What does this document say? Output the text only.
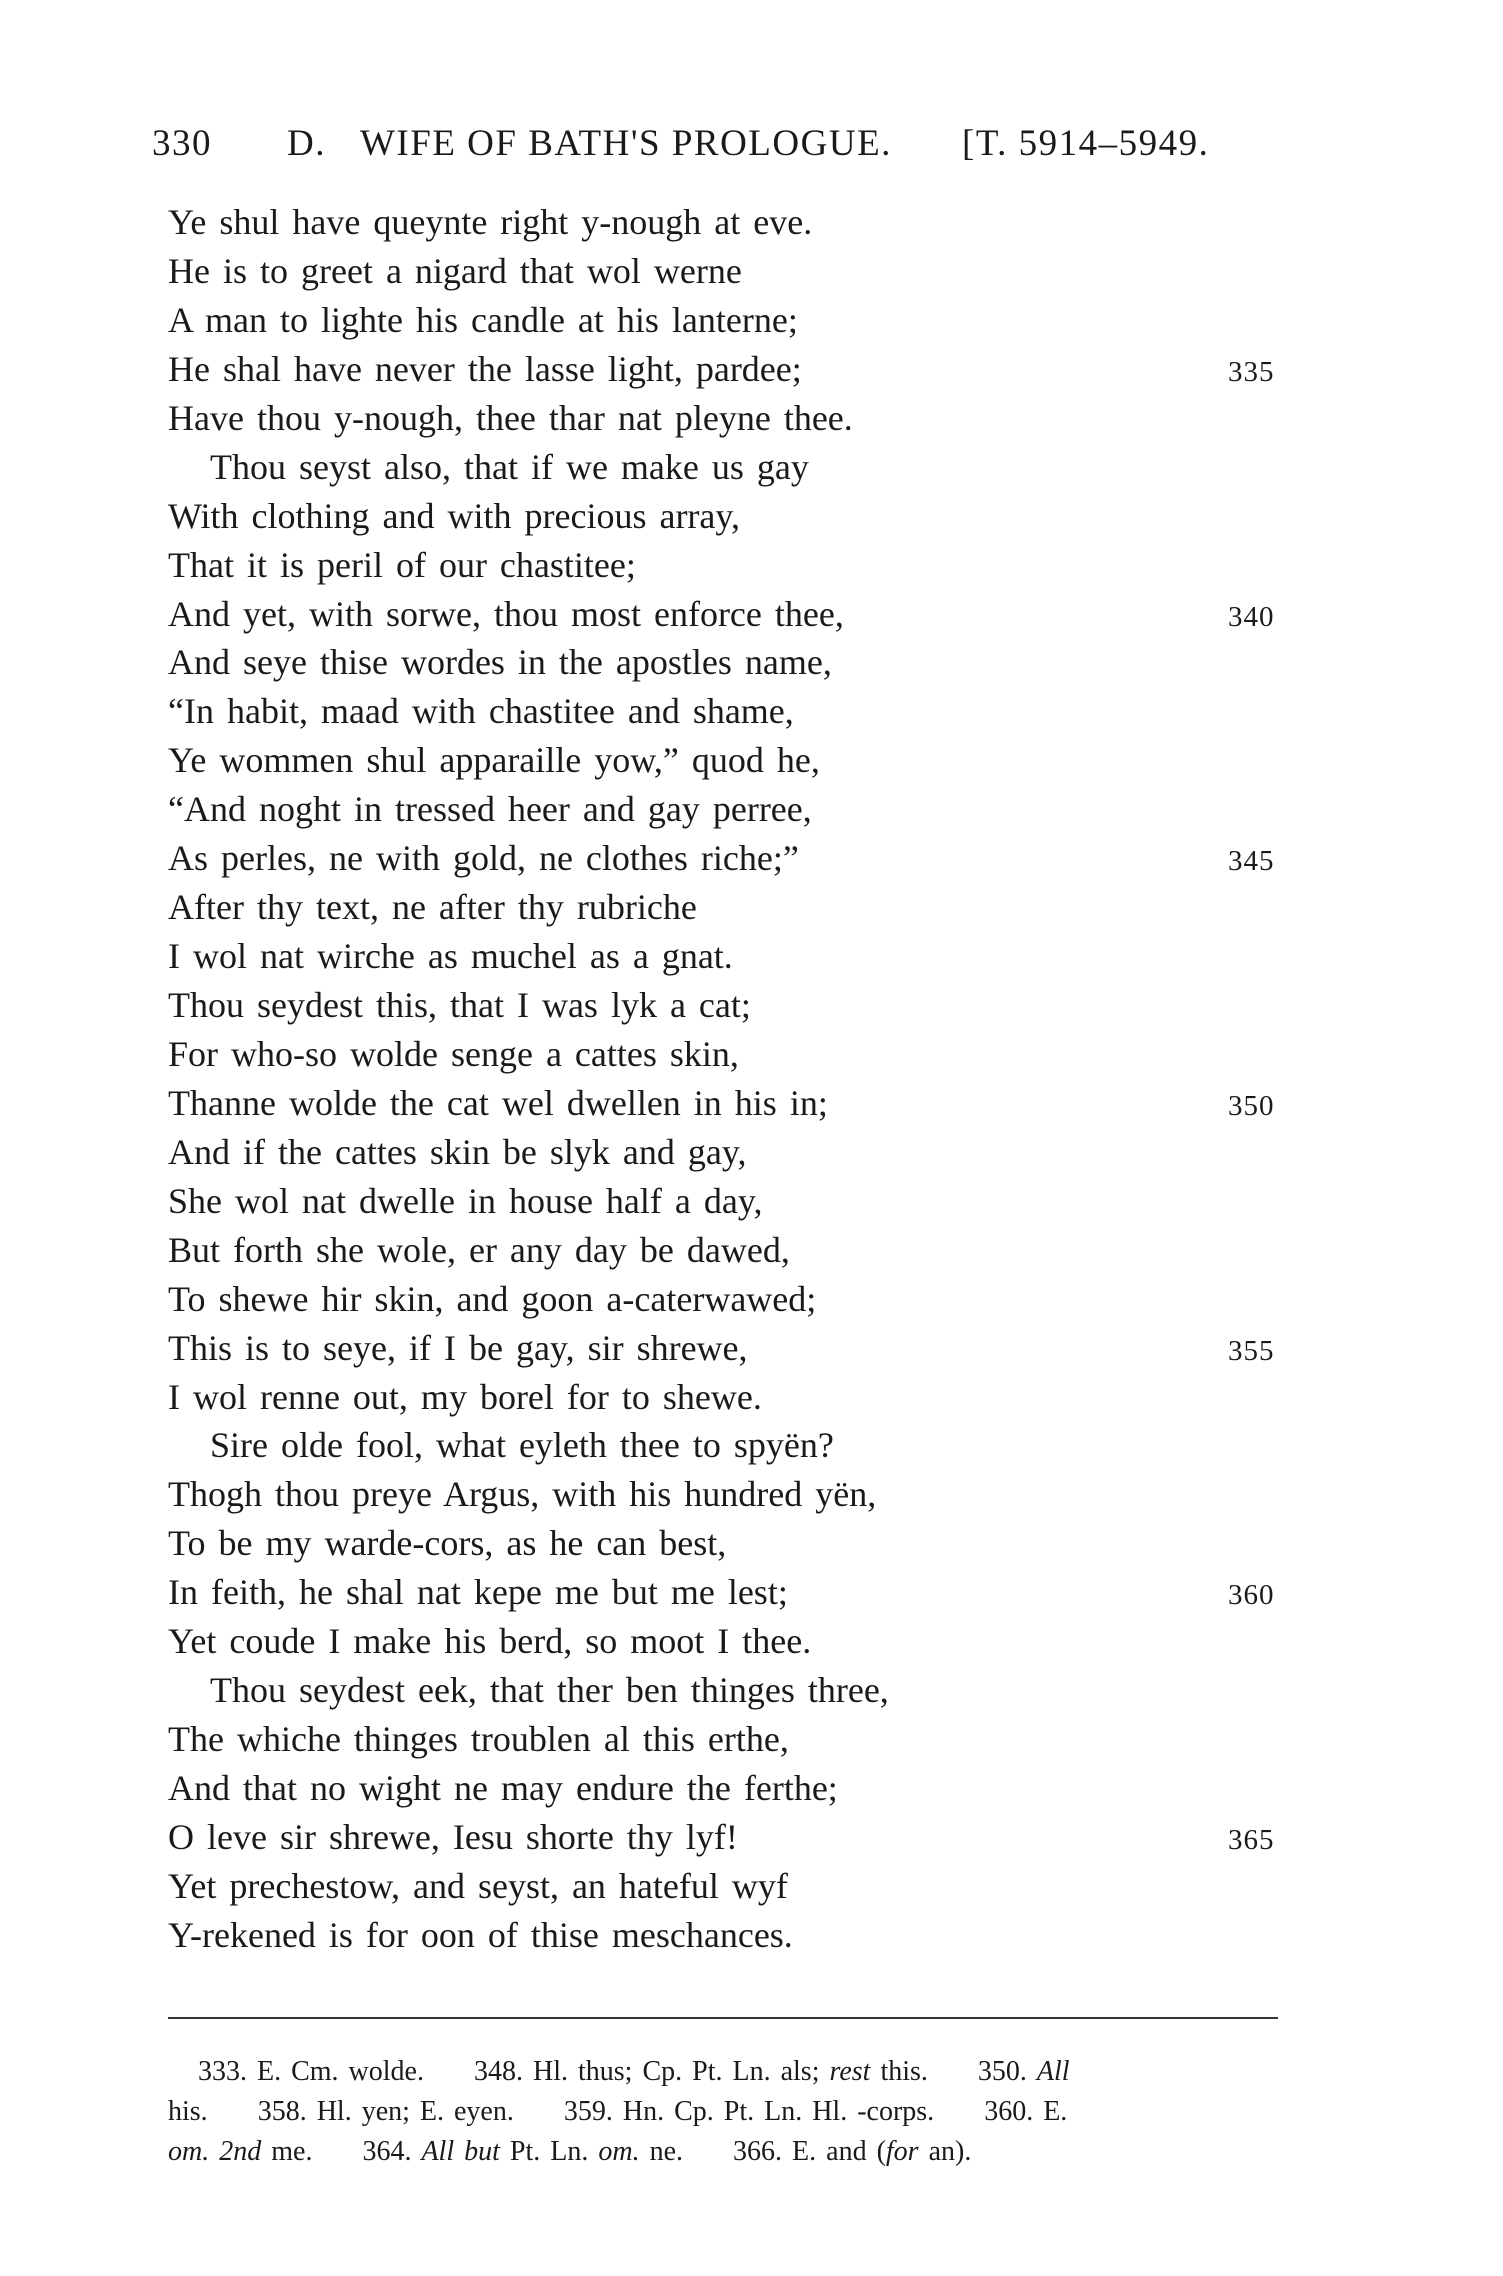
330 D. WIFE OF BATH'S PROLOGUE. [T. 5914–5949.
Ye shul have queynte right y-nough at eve.
He is to greet a nigard that wol werne
A man to lighte his candle at his lanterne;
He shal have never the lasse light, pardee;	335
Have thou y-nough, thee thar nat pleyne thee.
Thou seyst also, that if we make us gay
With clothing and with precious array,
That it is peril of our chastitee;
And yet, with sorwe, thou most enforce thee,	340
And seye thise wordes in the apostles name,
“In habit, maad with chastitee and shame,
Ye wommen shul apparaille yow,” quod he,
“And noght in tressed heer and gay perree,
As perles, ne with gold, ne clothes riche;”	345
After thy text, ne after thy rubriche
I wol nat wirche as muchel as a gnat.
Thou seydest this, that I was lyk a cat;
For who-so wolde senge a cattes skin,
Thanne wolde the cat wel dwellen in his in;	350
And if the cattes skin be slyk and gay,
She wol nat dwelle in house half a day,
But forth she wole, er any day be dawed,
To shewe hir skin, and goon a-caterwawed;
This is to seye, if I be gay, sir shrewe,	355
I wol renne out, my borel for to shewe.
Sire olde fool, what eyleth thee to spyën?
Thogh thou preye Argus, with his hundred yën,
To be my warde-cors, as he can best,
In feith, he shal nat kepe me but me lest;	360
Yet coude I make his berd, so moot I thee.
Thou seydest eek, that ther ben thinges three,
The whiche thinges troublen al this erthe,
And that no wight ne may endure the ferthe;
O leve sir shrewe, Iesu shorte thy lyf!	365
Yet prechestow, and seyst, an hateful wyf
Y-rekened is for oon of thise meschances.
333. E. Cm. wolde. 348. Hl. thus; Cp. Pt. Ln. als; rest this. 350. All
his. 358. Hl. yen; E. eyen. 359. Hn. Cp. Pt. Ln. Hl. -corps. 360. E.
om. 2nd me. 364. All but Pt. Ln. om. ne. 366. E. and (for an).
